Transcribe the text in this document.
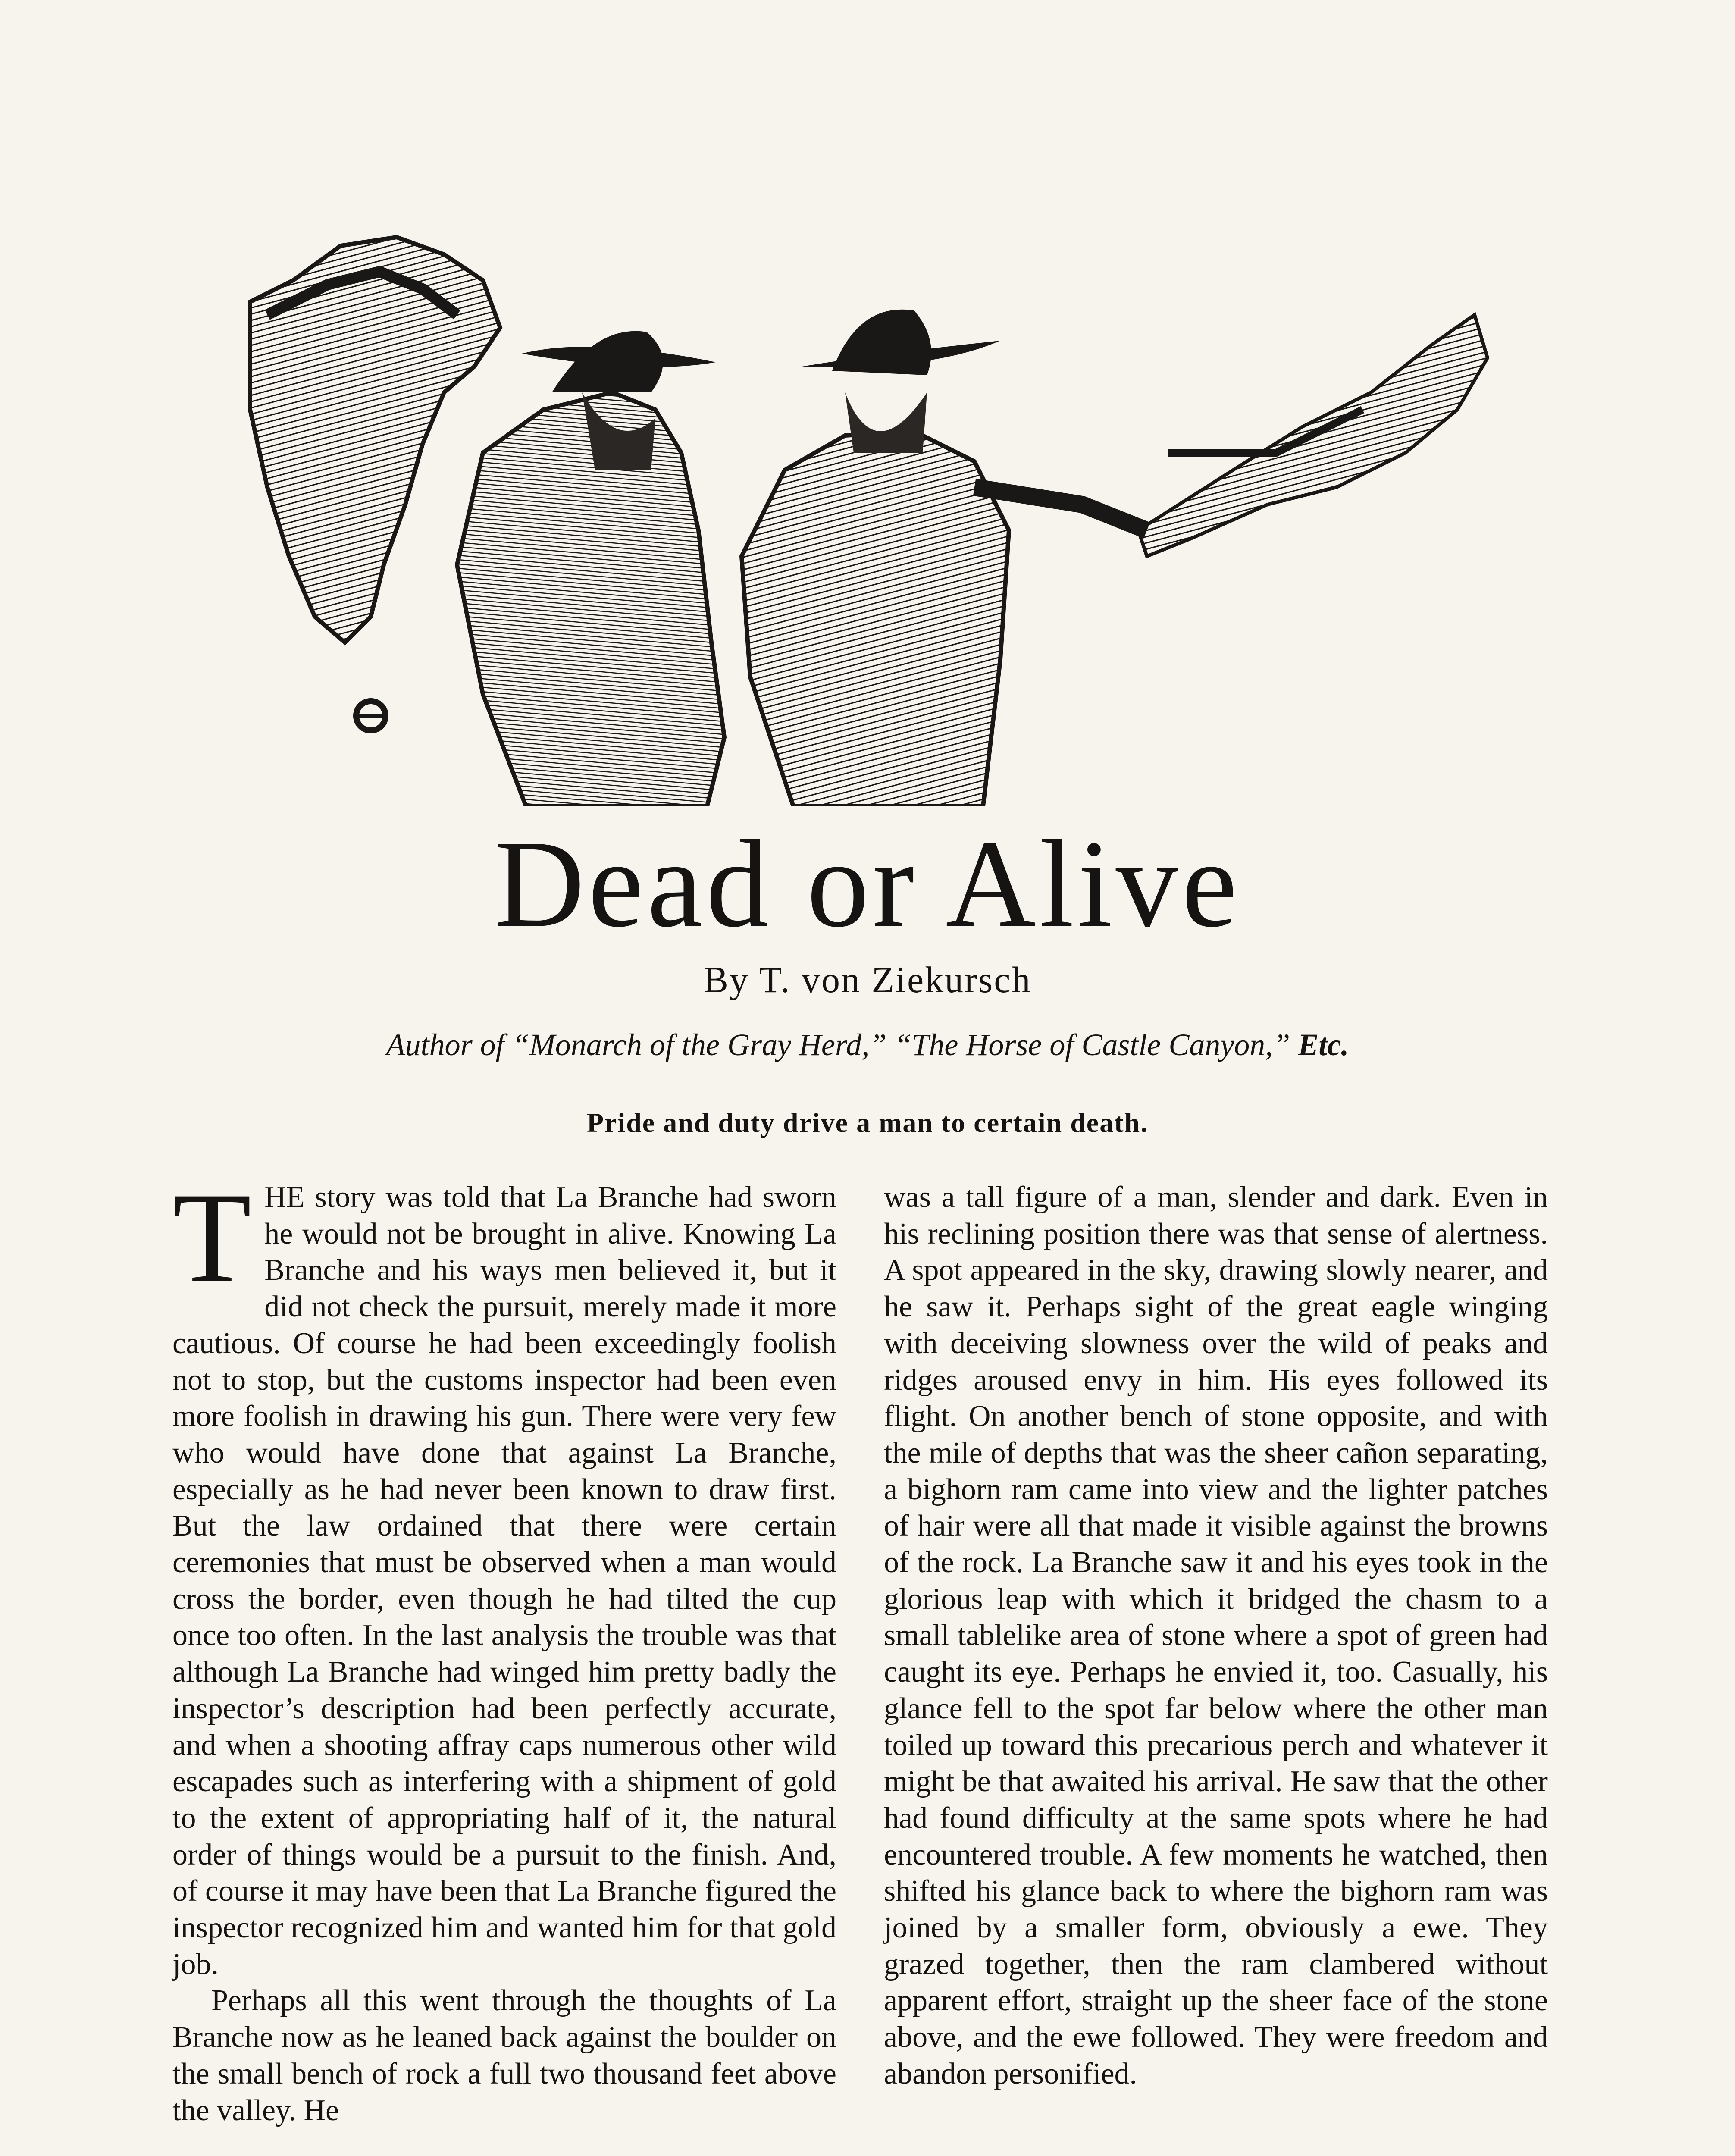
Dead or Alive
By T. von Ziekursch
Author of “Monarch of the Gray Herd,” “The Horse of Castle Canyon,” Etc.
Pride and duty drive a man to certain death.

THE story was told that La Branche had sworn he would not be brought in alive. Knowing La Branche and his ways men believed it, but it did not check the pursuit, merely made it more cautious. Of course he had been exceedingly foolish not to stop, but the customs inspector had been even more foolish in drawing his gun. There were very few who would have done that against La Branche, especially as he had never been known to draw first. But the law ordained that there were certain ceremonies that must be observed when a man would cross the border, even though he had tilted the cup once too often. In the last analysis the trouble was that although La Branche had winged him pretty badly the inspector’s description had been perfectly accurate, and when a shooting affray caps numerous other wild escapades such as interfering with a shipment of gold to the extent of appropriating half of it, the natural order of things would be a pursuit to the finish. And, of course it may have been that La Branche figured the inspector recognized him and wanted him for that gold job.

Perhaps all this went through the thoughts of La Branche now as he leaned back against the boulder on the small bench of rock a full two thousand feet above the valley. He

was a tall figure of a man, slender and dark. Even in his reclining position there was that sense of alertness. A spot appeared in the sky, drawing slowly nearer, and he saw it. Perhaps sight of the great eagle winging with deceiving slowness over the wild of peaks and ridges aroused envy in him. His eyes followed its flight. On another bench of stone opposite, and with the mile of depths that was the sheer cañon separating, a bighorn ram came into view and the lighter patches of hair were all that made it visible against the browns of the rock. La Branche saw it and his eyes took in the glorious leap with which it bridged the chasm to a small tablelike area of stone where a spot of green had caught its eye. Perhaps he envied it, too. Casually, his glance fell to the spot far below where the other man toiled up toward this precarious perch and whatever it might be that awaited his arrival. He saw that the other had found difficulty at the same spots where he had encountered trouble. A few moments he watched, then shifted his glance back to where the bighorn ram was joined by a smaller form, obviously a ewe. They grazed together, then the ram clambered without apparent effort, straight up the sheer face of the stone above, and the ewe followed. They were freedom and abandon personified.
